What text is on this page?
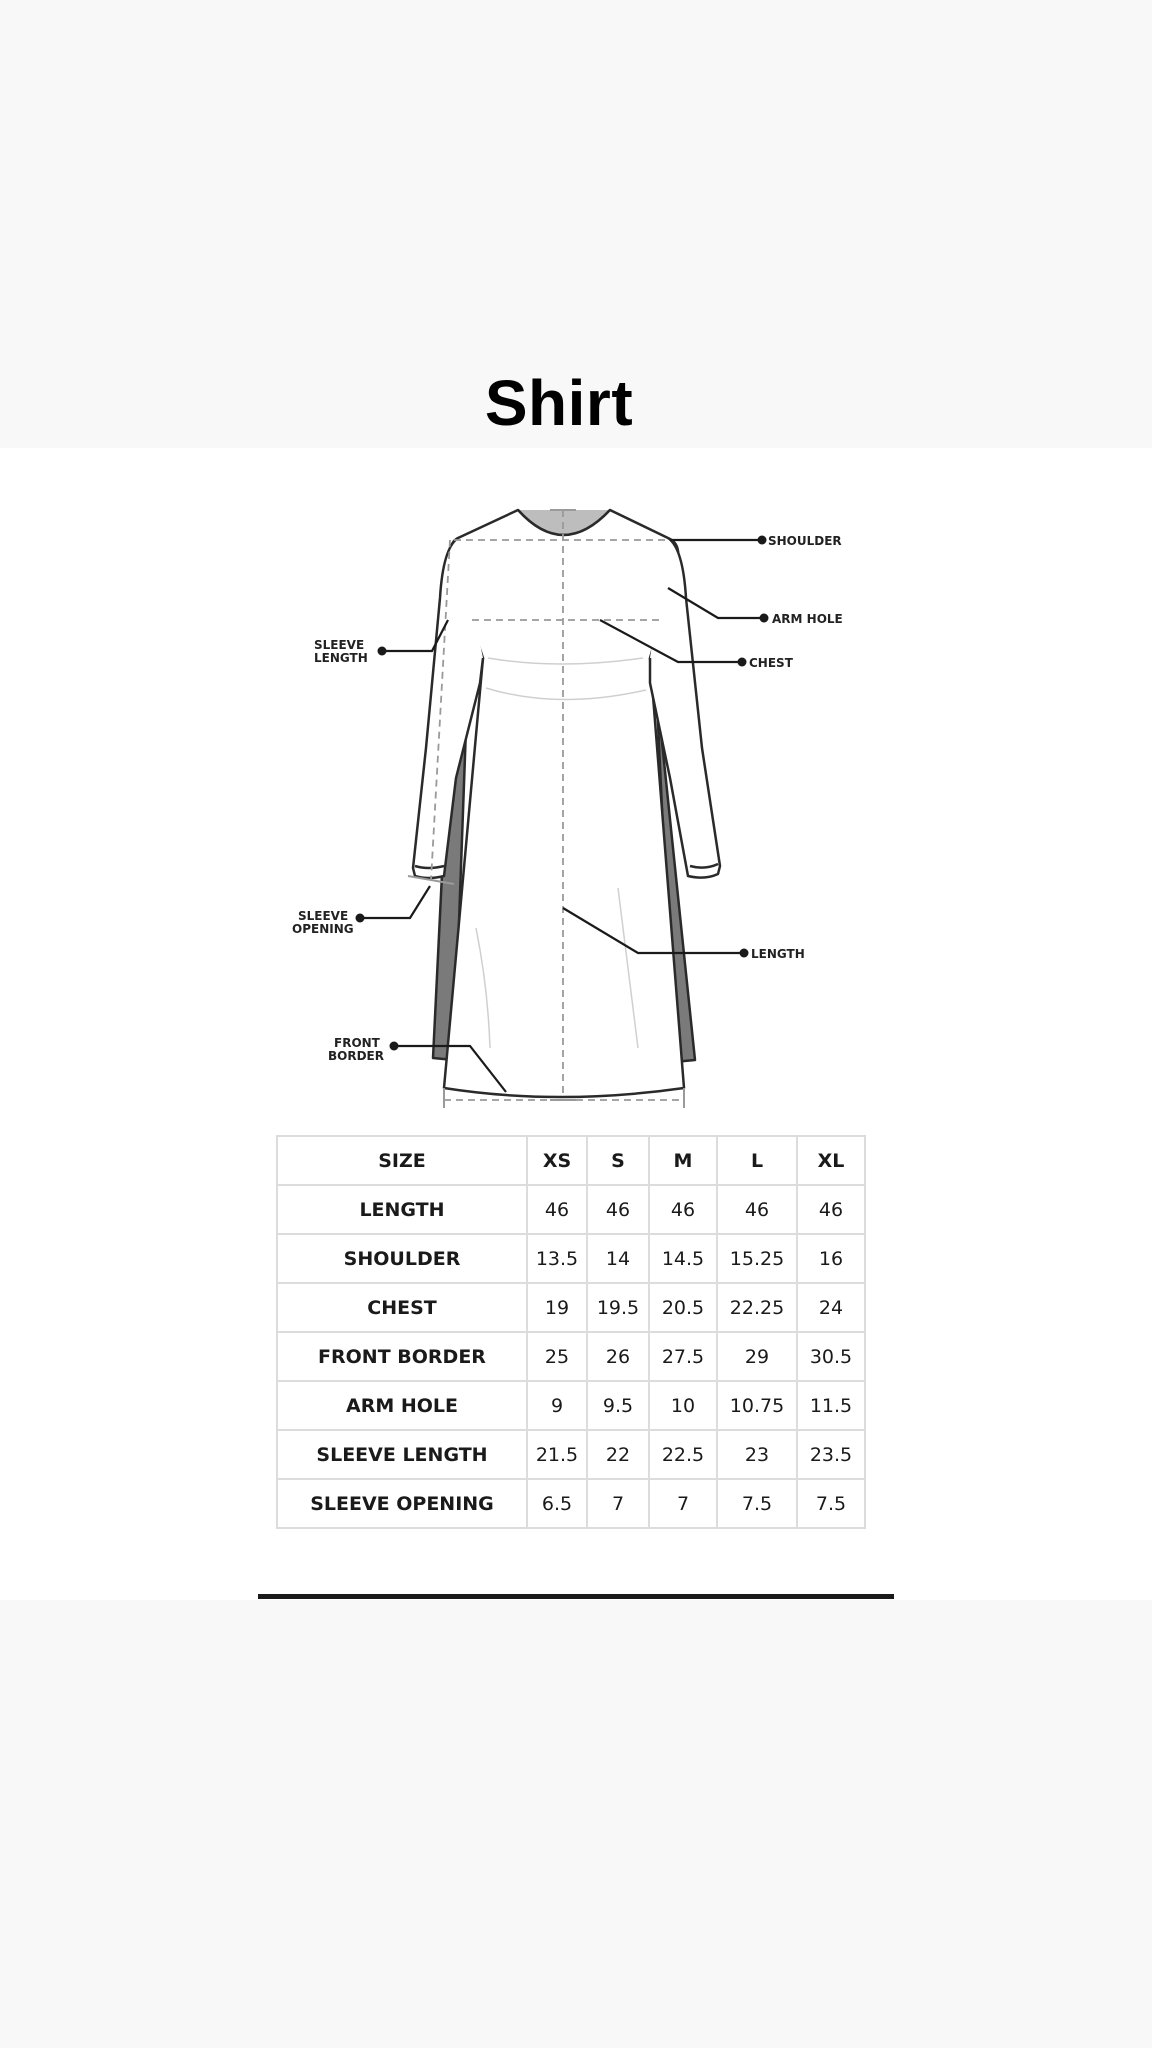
Shirt
SHOULDER
ARM HOLE
CHEST
SLEEVE
LENGTH
SLEEVE
OPENING
LENGTH
FRONT
BORDER
SIZE	XS	S	M	L	XL
LENGTH	46	46	46	46	46
SHOULDER	13.5	14	14.5	15.25	16
CHEST	19	19.5	20.5	22.25	24
FRONT BORDER	25	26	27.5	29	30.5
ARM HOLE	9	9.5	10	10.75	11.5
SLEEVE LENGTH	21.5	22	22.5	23	23.5
SLEEVE OPENING	6.5	7	7	7.5	7.5
